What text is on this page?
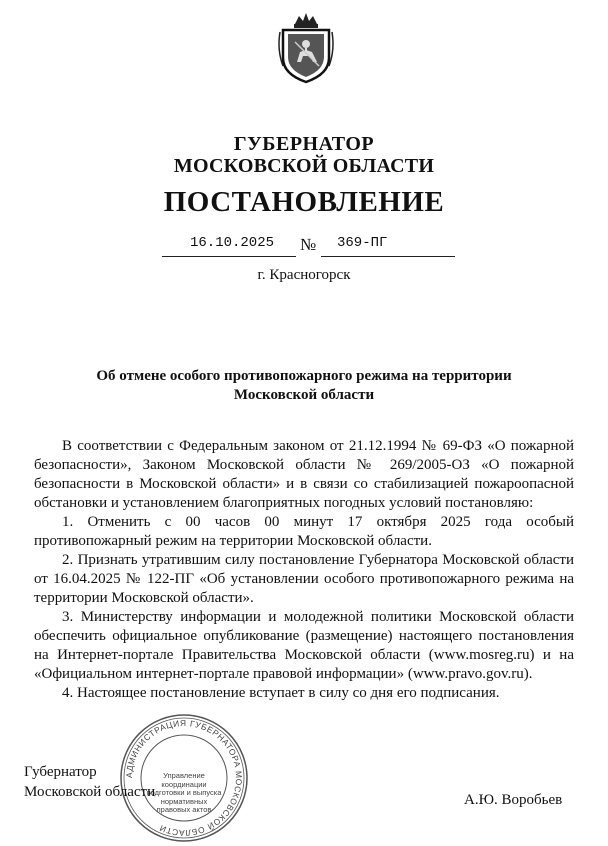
ГУБЕРНАТОР
МОСКОВСКОЙ ОБЛАСТИ
ПОСТАНОВЛЕНИЕ
16.10.2025 № 369-ПГ
г. Красногорск
Об отмене особого противопожарного режима на территории
Московской области

В соответствии с Федеральным законом от 21.12.1994 № 69-ФЗ «О пожарной безопасности», Законом Московской области № 269/2005-ОЗ «О пожарной безопасности в Московской области» и в связи со стабилизацией пожароопасной обстановки и установлением благоприятных погодных условий постановляю:

1. Отменить с 00 часов 00 минут 17 октября 2025 года особый противопожарный режим на территории Московской области.

2. Признать утратившим силу постановление Губернатора Московской области от 16.04.2025 № 122-ПГ «Об установлении особого противопожарного режима на территории Московской области».

3. Министерству информации и молодежной политики Московской области обеспечить официальное опубликование (размещение) настоящего постановления на Интернет-портале Правительства Московской области (www.mosreg.ru) и на «Официальном интернет-портале правовой информации» (www.pravo.gov.ru).

4. Настоящее постановление вступает в силу со дня его подписания.

АДМИНИСТРАЦИЯ ГУБЕРНАТОРА МОСКОВСКОЙ ОБЛАСТИ
Управление
координации
подготовки и выпуска
нормативных
правовых актов
Губернатор
Московской области	А.Ю. Воробьев
